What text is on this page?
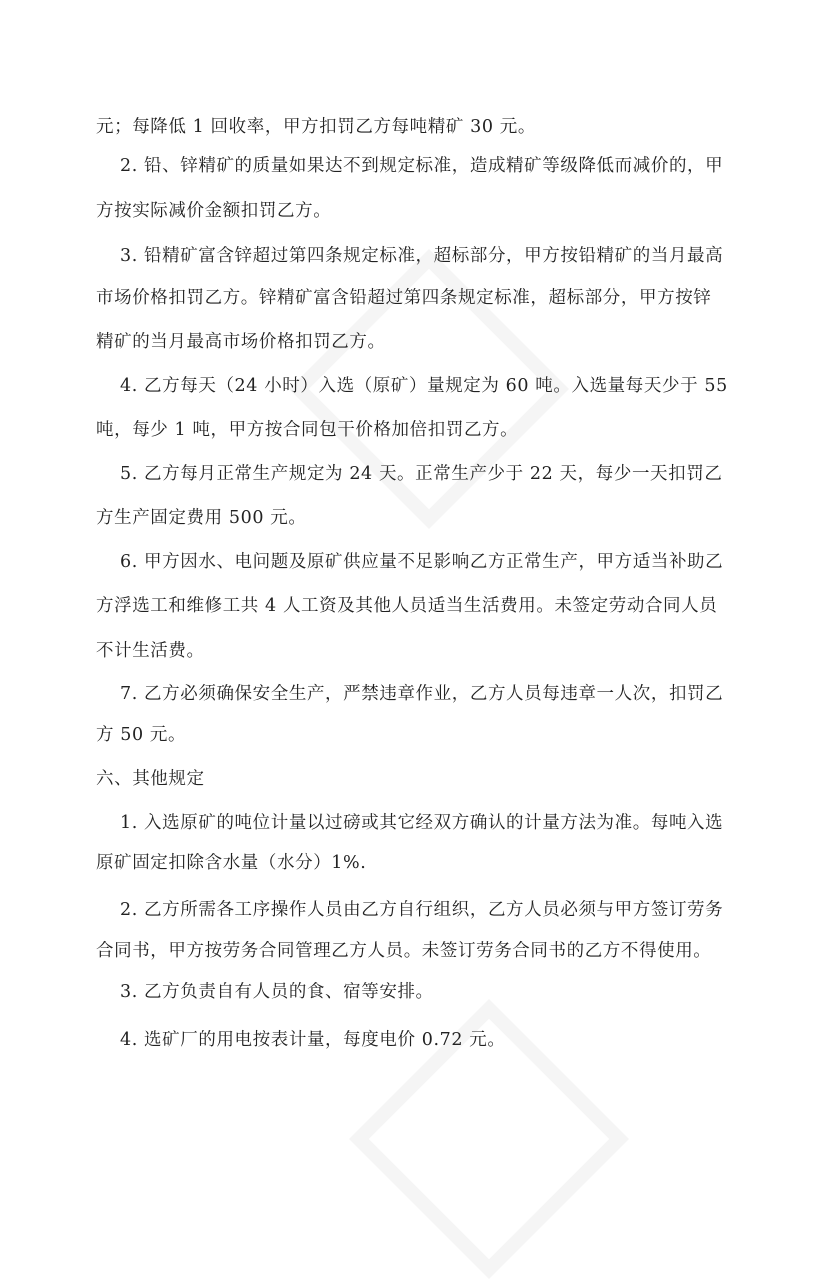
元；每降低 1 回收率，甲方扣罚乙方每吨精矿 30 元。
2. 铅、锌精矿的质量如果达不到规定标准，造成精矿等级降低而减价的，甲
方按实际减价金额扣罚乙方。
3. 铅精矿富含锌超过第四条规定标准，超标部分，甲方按铅精矿的当月最高
市场价格扣罚乙方。锌精矿富含铅超过第四条规定标准，超标部分，甲方按锌
精矿的当月最高市场价格扣罚乙方。
4. 乙方每天（24 小时）入选（原矿）量规定为 60 吨。入选量每天少于 55
吨，每少 1 吨，甲方按合同包干价格加倍扣罚乙方。
5. 乙方每月正常生产规定为 24 天。正常生产少于 22 天，每少一天扣罚乙
方生产固定费用 500 元。
6. 甲方因水、电问题及原矿供应量不足影响乙方正常生产，甲方适当补助乙
方浮选工和维修工共 4 人工资及其他人员适当生活费用。未签定劳动合同人员
不计生活费。
7. 乙方必须确保安全生产，严禁违章作业，乙方人员每违章一人次，扣罚乙
方 50 元。
六、其他规定
1. 入选原矿的吨位计量以过磅或其它经双方确认的计量方法为准。每吨入选
原矿固定扣除含水量（水分）1%.
2. 乙方所需各工序操作人员由乙方自行组织，乙方人员必须与甲方签订劳务
合同书，甲方按劳务合同管理乙方人员。未签订劳务合同书的乙方不得使用。
3. 乙方负责自有人员的食、宿等安排。
4. 选矿厂的用电按表计量，每度电价 0.72 元。
